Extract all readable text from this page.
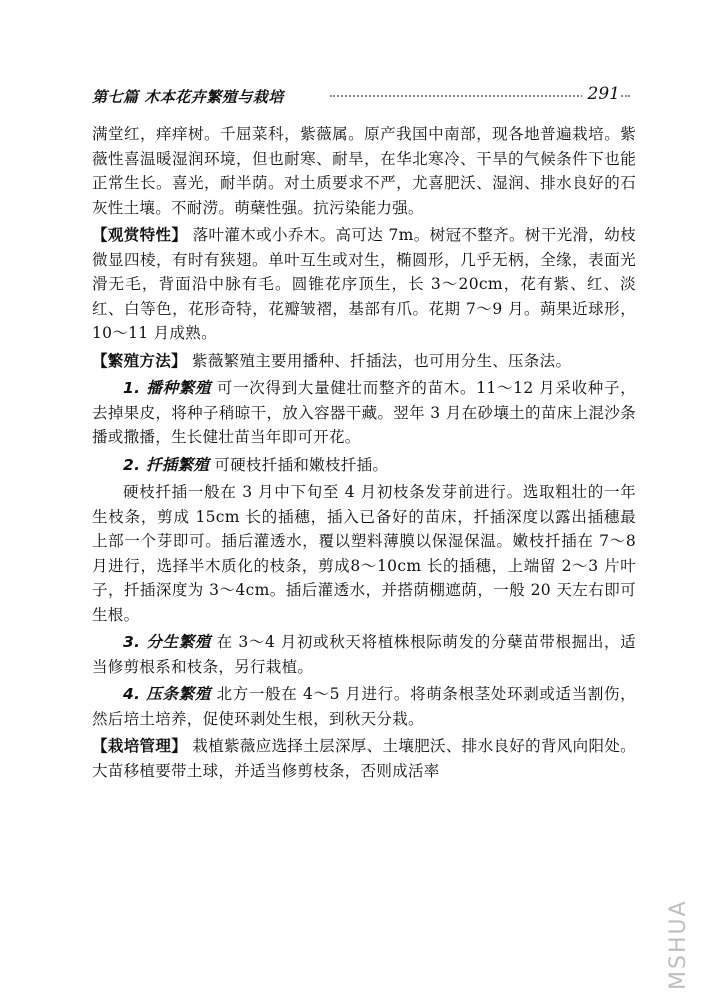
第七篇 木本花卉繁殖与栽培	291

满堂红，痒痒树。千屈菜科，紫薇属。原产我国中南部，现各地普遍栽培。紫薇性喜温暖湿润环境，但也耐寒、耐旱，在华北寒冷、干旱的气候条件下也能正常生长。喜光，耐半荫。对土质要求不严，尤喜肥沃、湿润、排水良好的石灰性土壤。不耐涝。萌蘖性强。抗污染能力强。

【观赏特性】 落叶灌木或小乔木。高可达 7m。树冠不整齐。树干光滑，幼枝微显四棱，有时有狭翅。单叶互生或对生，椭圆形，几乎无柄，全缘，表面光滑无毛，背面沿中脉有毛。圆锥花序顶生，长 3～20cm，花有紫、红、淡红、白等色，花形奇特，花瓣皱褶，基部有爪。花期 7～9 月。蒴果近球形，10～11 月成熟。

【繁殖方法】 紫薇繁殖主要用播种、扦插法，也可用分生、压条法。

1. 播种繁殖 可一次得到大量健壮而整齐的苗木。11～12 月采收种子，去掉果皮，将种子稍晾干，放入容器干藏。翌年 3 月在砂壤土的苗床上混沙条播或撒播，生长健壮苗当年即可开花。

2. 扦插繁殖 可硬枝扦插和嫩枝扦插。

硬枝扦插一般在 3 月中下旬至 4 月初枝条发芽前进行。选取粗壮的一年生枝条，剪成 15cm 长的插穗，插入已备好的苗床，扦插深度以露出插穗最上部一个芽即可。插后灌透水，覆以塑料薄膜以保湿保温。嫩枝扦插在 7～8 月进行，选择半木质化的枝条，剪成8～10cm 长的插穗，上端留 2～3 片叶子，扦插深度为 3～4cm。插后灌透水，并搭荫棚遮荫，一般 20 天左右即可生根。

3. 分生繁殖 在 3～4 月初或秋天将植株根际萌发的分蘖苗带根掘出，适当修剪根系和枝条，另行栽植。

4. 压条繁殖 北方一般在 4～5 月进行。将萌条根茎处环剥或适当割伤，然后培土培养，促使环剥处生根，到秋天分栽。

【栽培管理】 栽植紫薇应选择土层深厚、土壤肥沃、排水良好的背风向阳处。大苗移植要带土球，并适当修剪枝条，否则成活率

MSHUA
